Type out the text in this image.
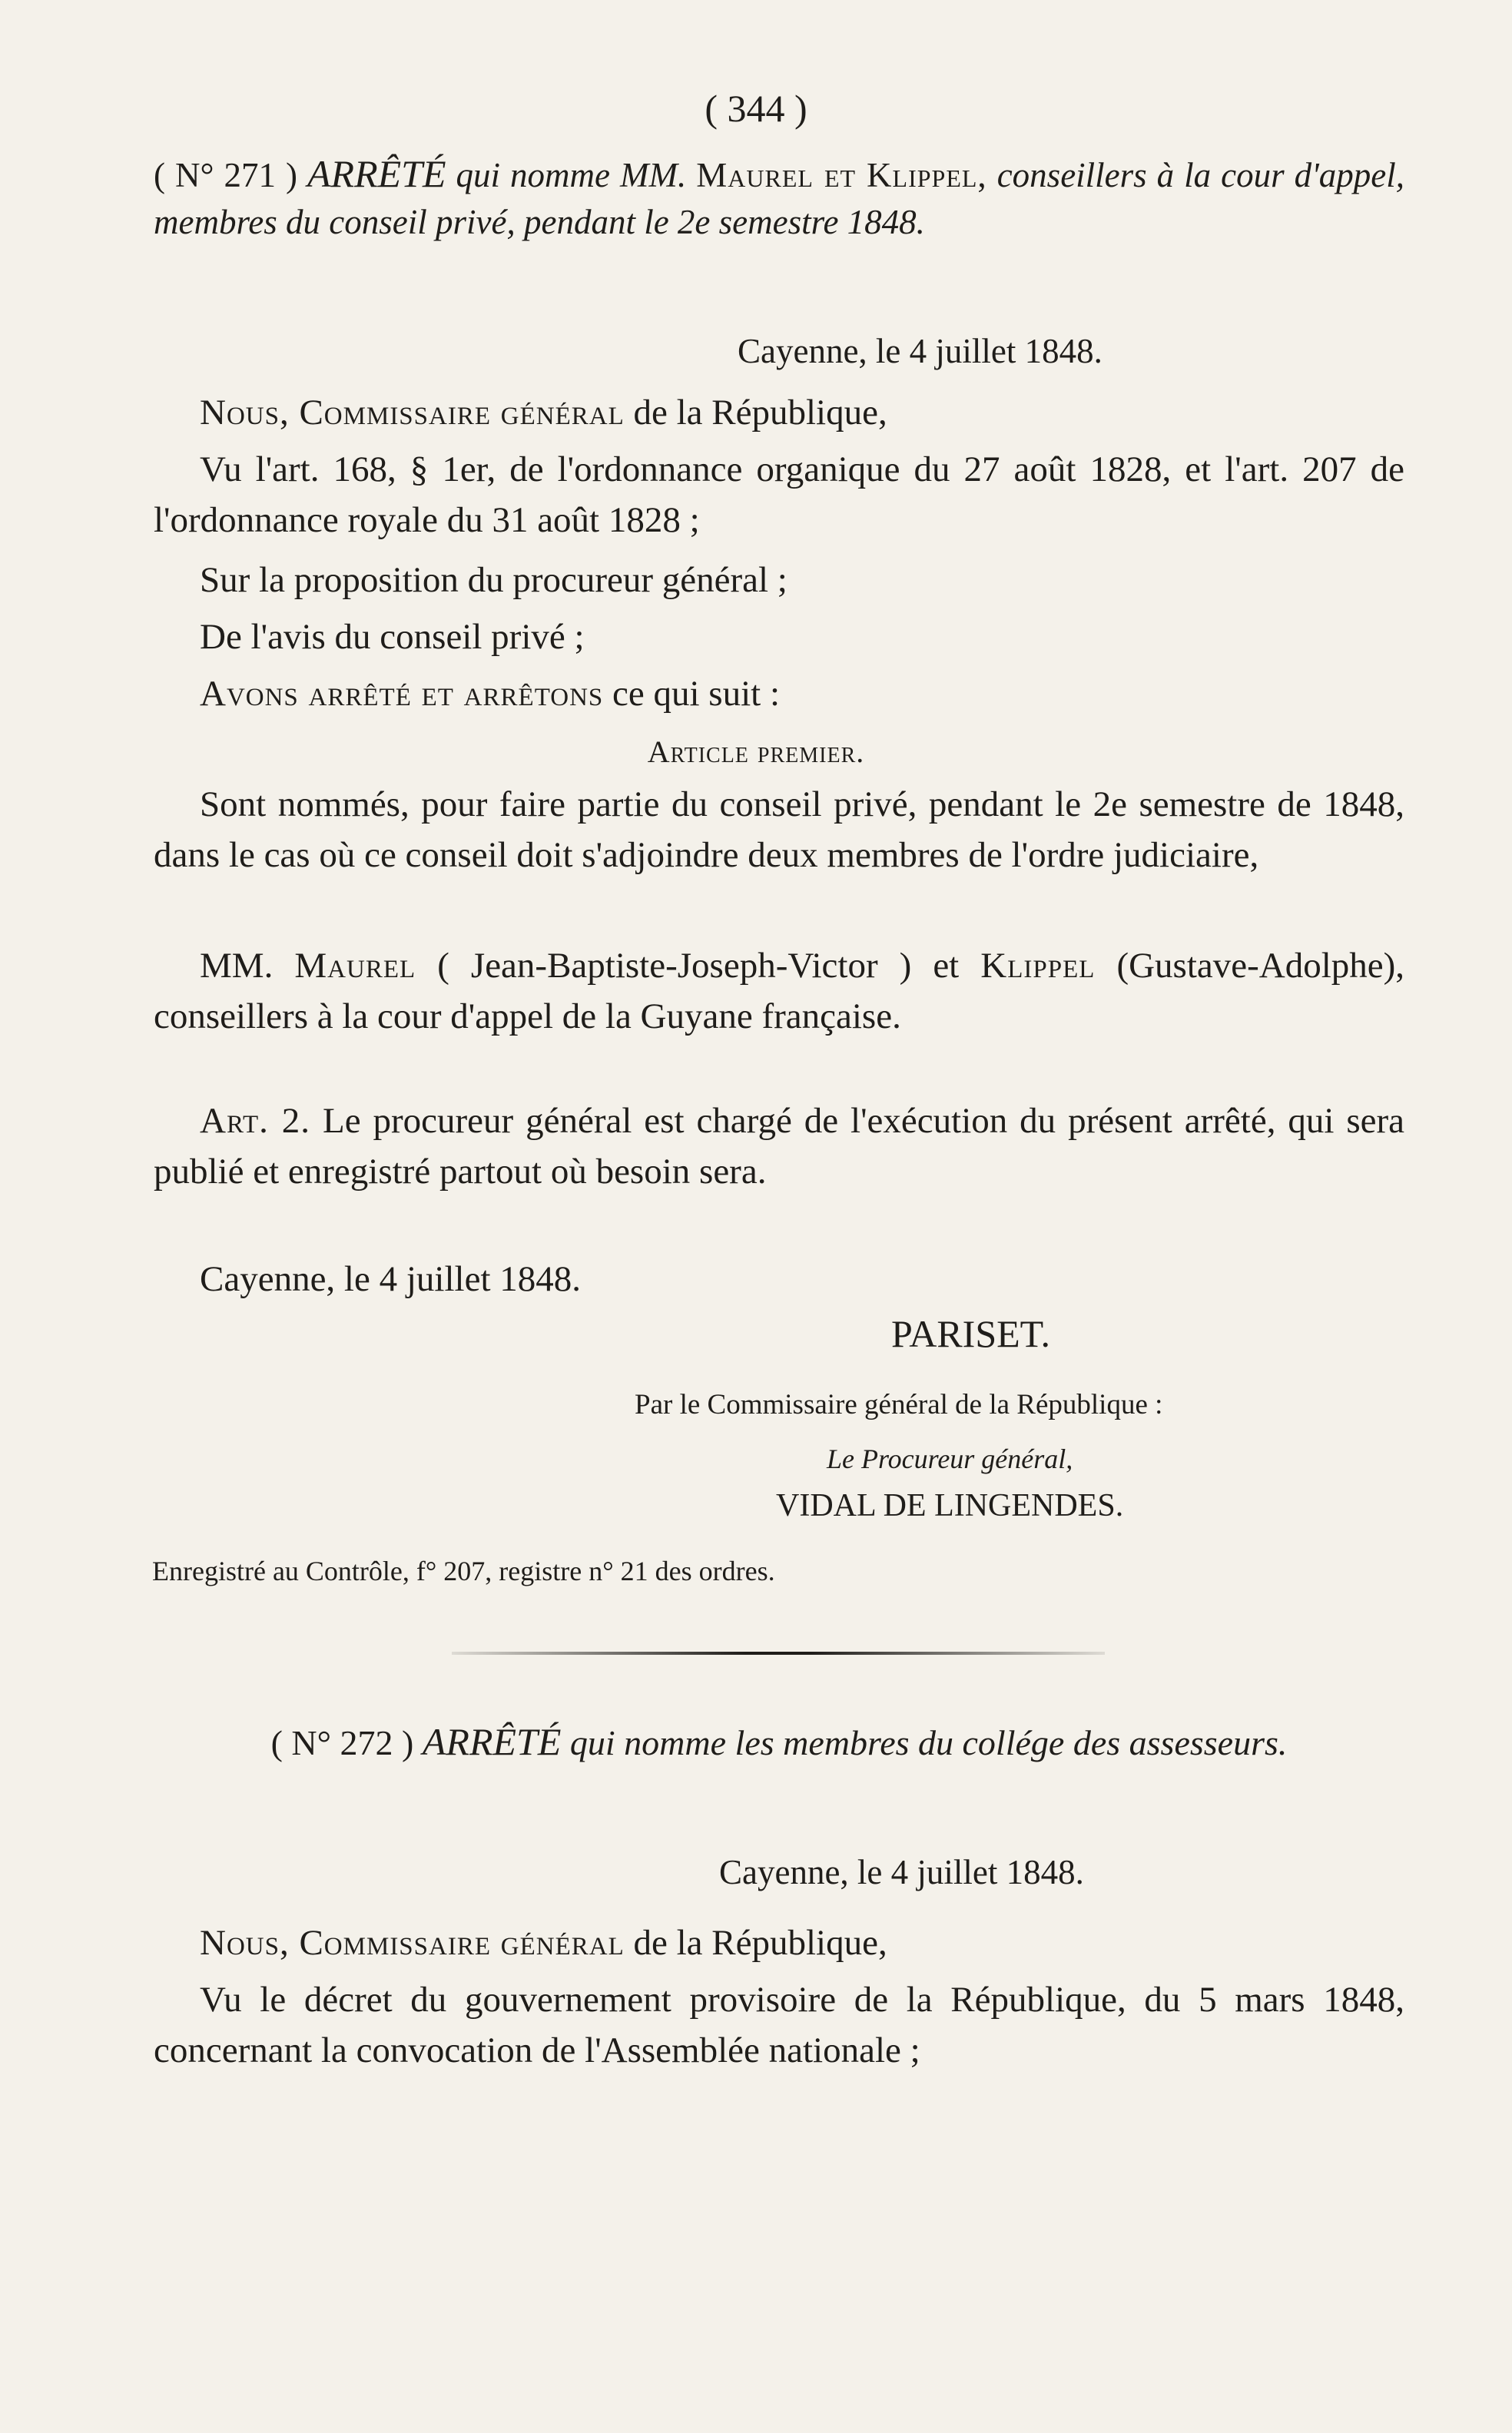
( 344 )
( N° 271 ) ARRÊTÉ qui nomme MM. Maurel et Klippel, conseillers à la cour d'appel, membres du conseil privé, pendant le 2e semestre 1848.
Cayenne, le 4 juillet 1848.
Nous, Commissaire général de la République,
Vu l'art. 168, § 1er, de l'ordonnance organique du 27 août 1828, et l'art. 207 de l'ordonnance royale du 31 août 1828 ;
Sur la proposition du procureur général ;
De l'avis du conseil privé ;
Avons arrêté et arrêtons ce qui suit :
Article premier.
Sont nommés, pour faire partie du conseil privé, pendant le 2e semestre de 1848, dans le cas où ce conseil doit s'adjoindre deux membres de l'ordre judiciaire,
MM. Maurel ( Jean-Baptiste-Joseph-Victor ) et Klippel (Gustave-Adolphe), conseillers à la cour d'appel de la Guyane française.
Art. 2. Le procureur général est chargé de l'exécution du présent arrêté, qui sera publié et enregistré partout où besoin sera.
Cayenne, le 4 juillet 1848.
PARISET.
Par le Commissaire général de la République :
Le Procureur général,
VIDAL DE LINGENDES.
Enregistré au Contrôle, f° 207, registre n° 21 des ordres.
( N° 272 ) ARRÊTÉ qui nomme les membres du collége des assesseurs.
Cayenne, le 4 juillet 1848.
Nous, Commissaire général de la République,
Vu le décret du gouvernement provisoire de la République, du 5 mars 1848, concernant la convocation de l'Assemblée nationale ;
